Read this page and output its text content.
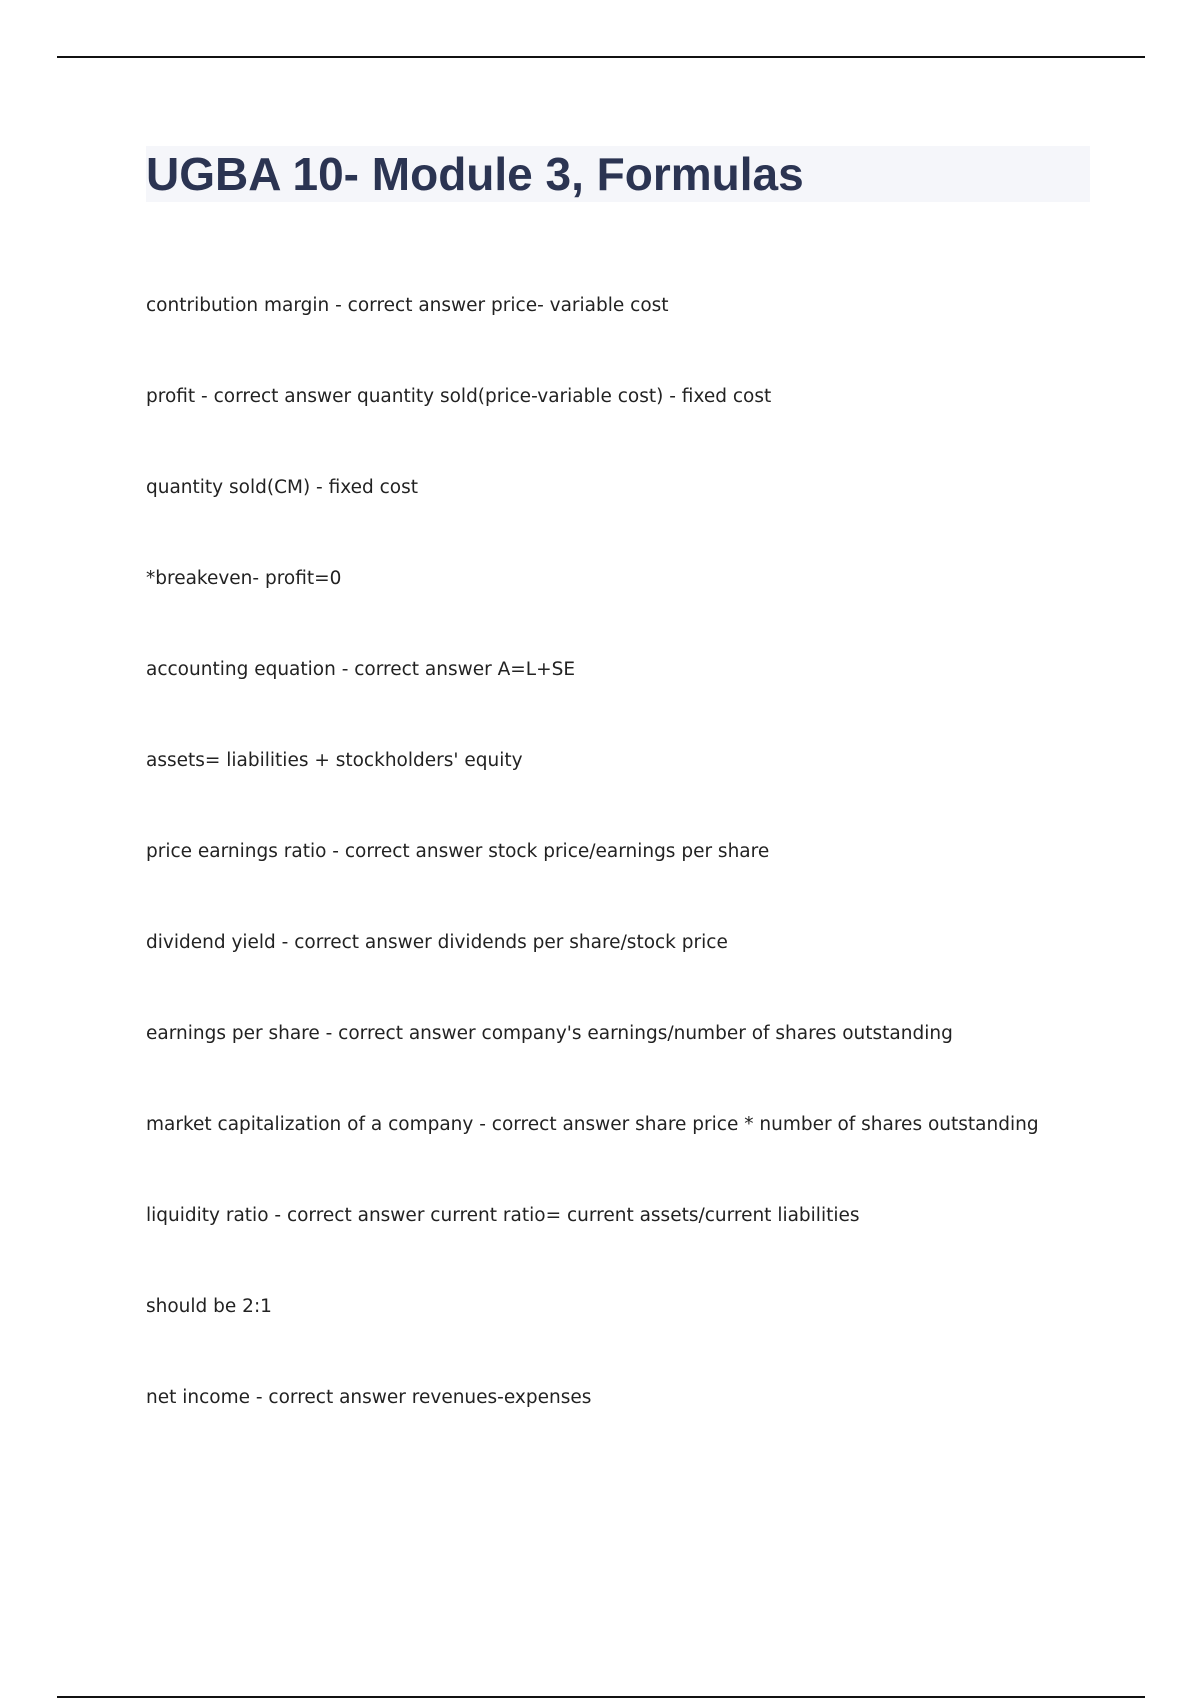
UGBA 10- Module 3, Formulas
contribution margin - correct answer price- variable cost
profit - correct answer quantity sold(price-variable cost) - fixed cost
quantity sold(CM) - fixed cost
*breakeven- profit=0
accounting equation - correct answer A=L+SE
assets= liabilities + stockholders' equity
price earnings ratio - correct answer stock price/earnings per share
dividend yield - correct answer dividends per share/stock price
earnings per share - correct answer company's earnings/number of shares outstanding
market capitalization of a company - correct answer share price * number of shares outstanding
liquidity ratio - correct answer current ratio= current assets/current liabilities
should be 2:1
net income - correct answer revenues-expenses
